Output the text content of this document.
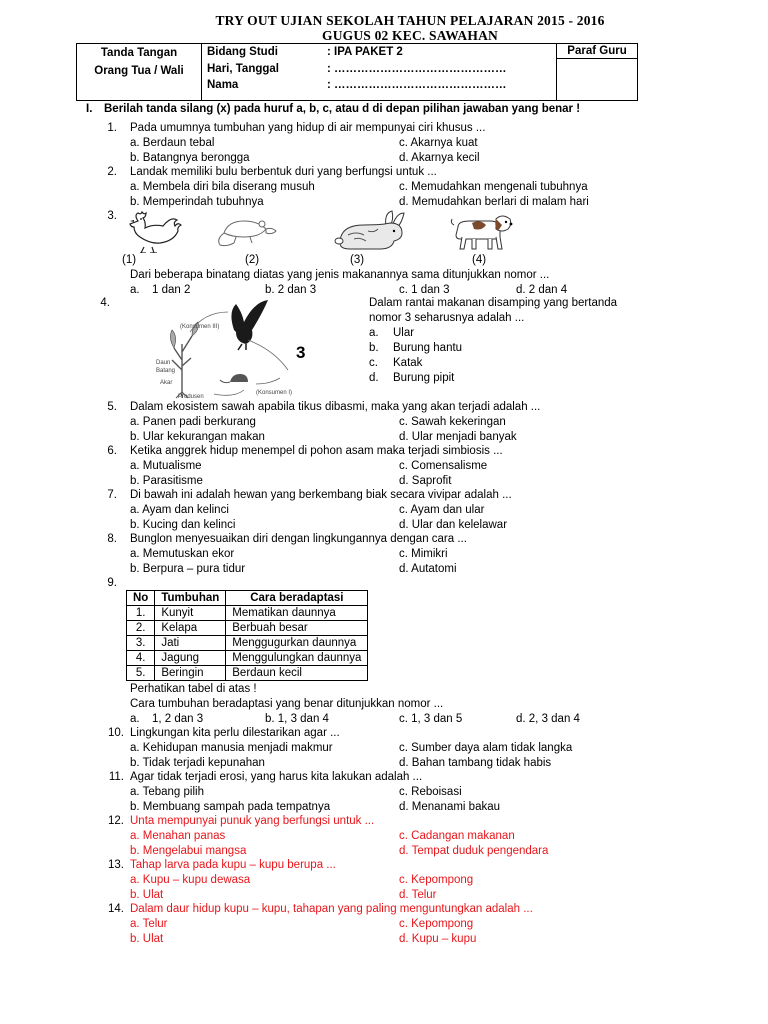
TRY OUT UJIAN SEKOLAH TAHUN PELAJARAN 2015 - 2016
GUGUS 02 KEC. SAWAHAN
Tanda Tangan
Orang Tua / Wali

Bidang Studi	: IPA PAKET 2
Hari, Tanggal	: ………………………………………
Nama	: ………………………………………

Paraf Guru
I. Berilah tanda silang (x) pada huruf a, b, c, atau d di depan pilihan jawaban yang benar !
1. Pada umumnya tumbuhan yang hidup di air mempunyai ciri khusus ...
a. Berdaun tebal	c. Akarnya kuat
b. Batangnya berongga	d. Akarnya kecil
2. Landak memiliki bulu berbentuk duri yang berfungsi untuk ...
a. Membela diri bila diserang musuh	c. Memudahkan mengenali tubuhnya
b. Memperindah tubuhnya	d. Memudahkan berlari di malam hari
3.
(1)	(2)	(3)	(4)
Dari beberapa binatang diatas yang jenis makanannya sama ditunjukkan nomor ...
a. 1 dan 2	b. 2 dan 3	c. 1 dan 3	d. 2 dan 4
4.
(Konsumen III)
Daun
Batang
Akar
Produsen
(Konsumen I)
3
Dalam rantai makanan disamping yang bertanda
nomor 3 seharusnya adalah ...
a. Ular
b. Burung hantu
c. Katak
d. Burung pipit
5. Dalam ekosistem sawah apabila tikus dibasmi, maka yang akan terjadi adalah ...
a. Panen padi berkurang	c. Sawah kekeringan
b. Ular kekurangan makan	d. Ular menjadi banyak
6. Ketika anggrek hidup menempel di pohon asam maka terjadi simbiosis ...
a. Mutualisme	c. Comensalisme
b. Parasitisme	d. Saprofit
7. Di bawah ini adalah hewan yang berkembang biak secara vivipar adalah ...
a. Ayam dan kelinci	c. Ayam dan ular
b. Kucing dan kelinci	d. Ular dan kelelawar
8. Bunglon menyesuaikan diri dengan lingkungannya dengan cara ...
a. Memutuskan ekor	c. Mimikri
b. Berpura – pura tidur	d. Autatomi
9.
No	Tumbuhan	Cara beradaptasi
1.	Kunyit	Mematikan daunnya
2.	Kelapa	Berbuah besar
3.	Jati	Menggugurkan daunnya
4.	Jagung	Menggulungkan daunnya
5.	Beringin	Berdaun kecil
Perhatikan tabel di atas !
Cara tumbuhan beradaptasi yang benar ditunjukkan nomor ...
a. 1, 2 dan 3	b. 1, 3 dan 4	c. 1, 3 dan 5	d. 2, 3 dan 4
10. Lingkungan kita perlu dilestarikan agar ...
a. Kehidupan manusia menjadi makmur	c. Sumber daya alam tidak langka
b. Tidak terjadi kepunahan	d. Bahan tambang tidak habis
11. Agar tidak terjadi erosi, yang harus kita lakukan adalah ...
a. Tebang pilih	c. Reboisasi
b. Membuang sampah pada tempatnya	d. Menanami bakau
12. Unta mempunyai punuk yang berfungsi untuk ...
a. Menahan panas	c. Cadangan makanan
b. Mengelabui mangsa	d. Tempat duduk pengendara
13. Tahap larva pada kupu – kupu berupa ...
a. Kupu – kupu dewasa	c. Kepompong
b. Ulat	d. Telur
14. Dalam daur hidup kupu – kupu, tahapan yang paling menguntungkan adalah ...
a. Telur	c. Kepompong
b. Ulat	d. Kupu – kupu
